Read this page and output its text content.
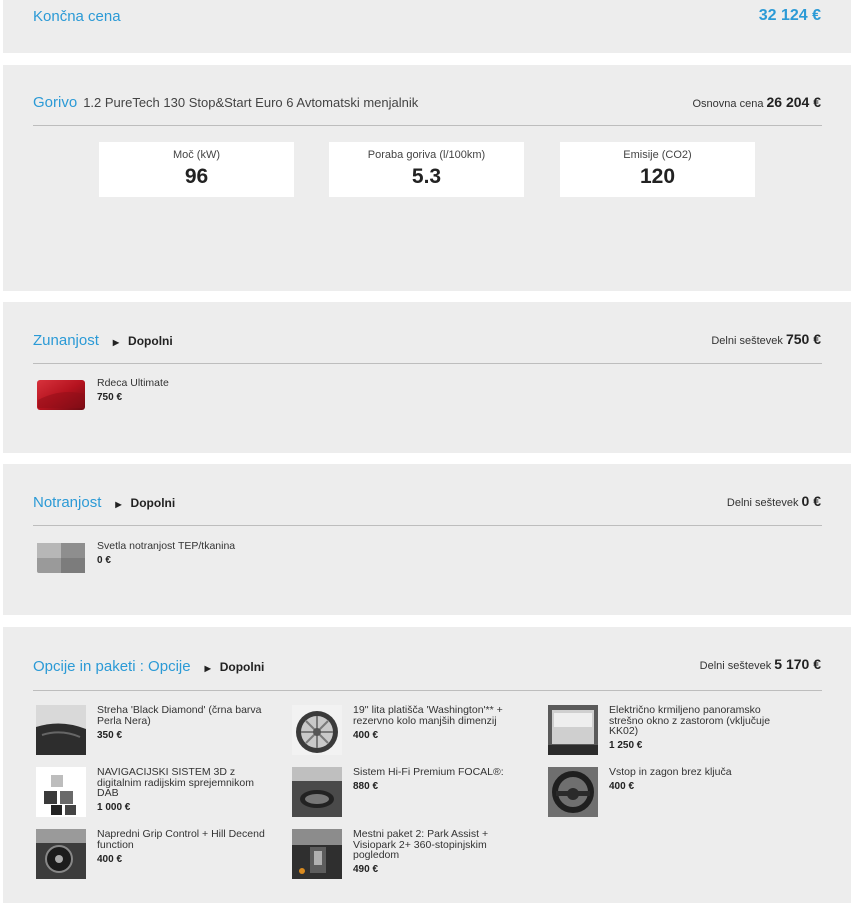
Končna cena	32 124 €
Gorivo 1.2 PureTech 130 Stop&Start Euro 6 Avtomatski menjalnik	Osnovna cena 26 204 €
Moč (kW)
96
Poraba goriva (l/100km)
5.3
Emisije (CO2)
120
Zunanjost ▶ Dopolni	Delni seštevek 750 €
Rdeca Ultimate
750 €
Notranjost ▶ Dopolni	Delni seštevek 0 €
Svetla notranjost TEP/tkanina
0 €
Opcije in paketi : Opcije ▶ Dopolni	Delni seštevek 5 170 €
Streha 'Black Diamond' (črna barva Perla Nera)
350 €
19'' lita platišča 'Washington'** + rezervno kolo manjših dimenzij
400 €
Električno krmiljeno panoramsko strešno okno z zastorom (vključuje KK02)
1 250 €
NAVIGACIJSKI SISTEM 3D z digitalnim radijskim sprejemnikom DAB
1 000 €
Sistem Hi-Fi Premium FOCAL®:
880 €
Vstop in zagon brez ključa
400 €
Napredni Grip Control + Hill Decend function
400 €
Mestni paket 2: Park Assist + Visiopark 2+ 360-stopinjskim pogledom
490 €
